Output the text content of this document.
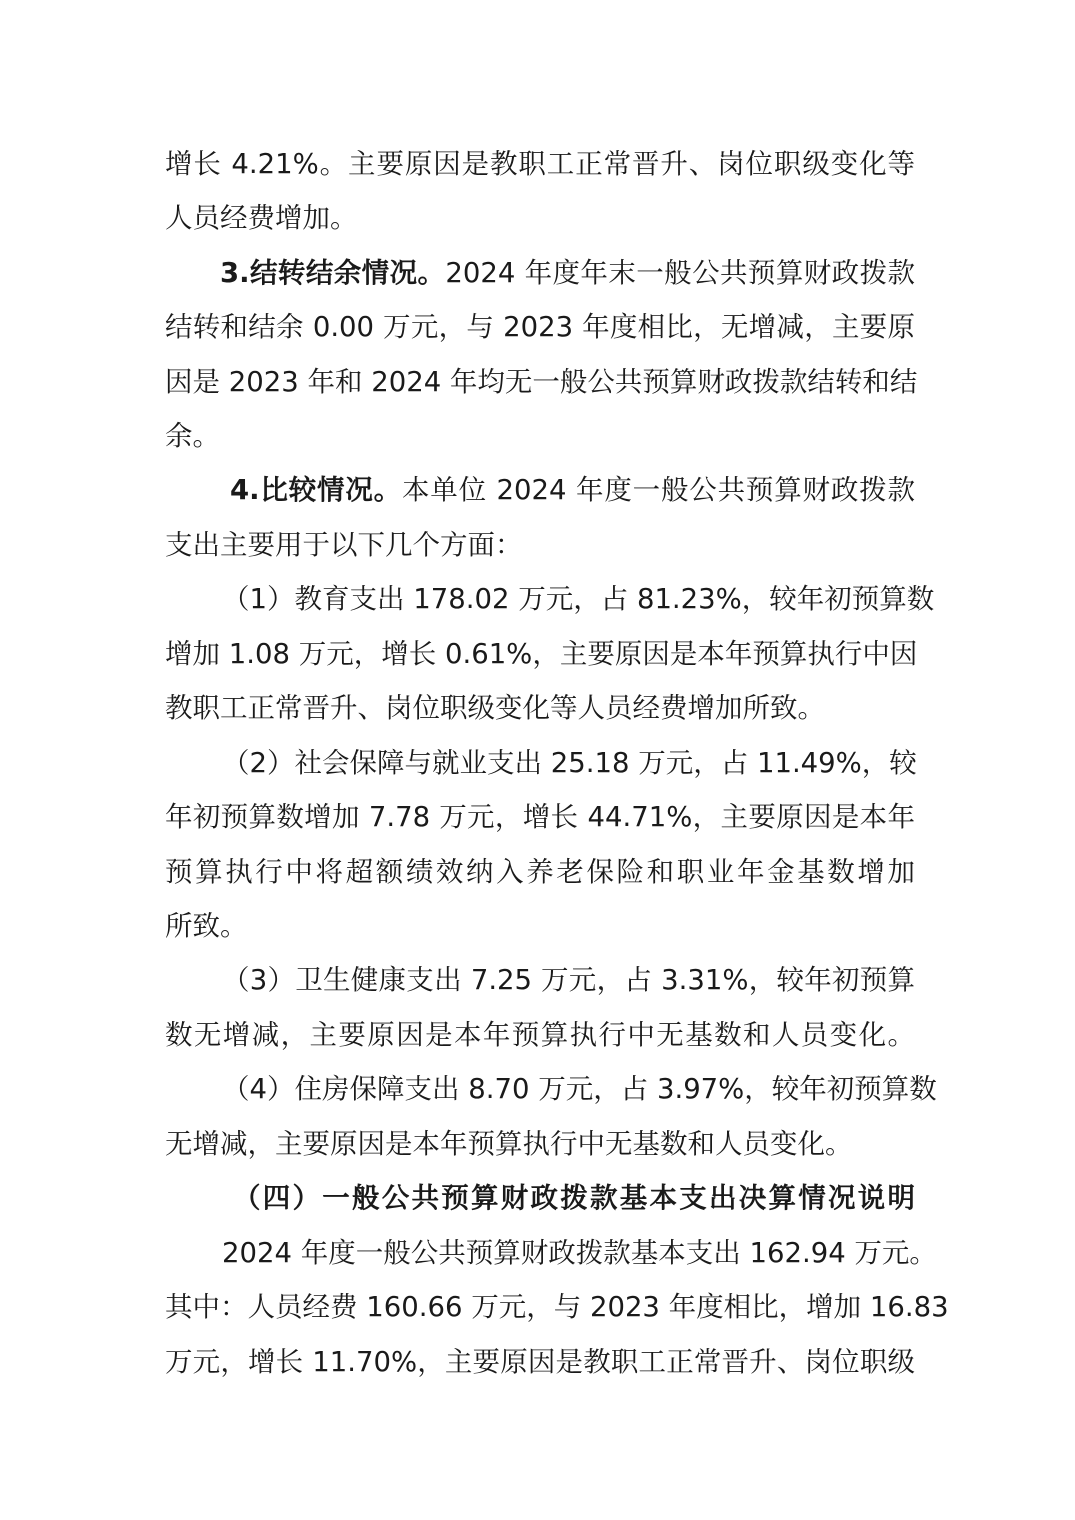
增长 4.21%。主要原因是教职工正常晋升、岗位职级变化等
人员经费增加。
3.结转结余情况。2024 年度年末一般公共预算财政拨款
结转和结余 0.00 万元，与 2023 年度相比，无增减，主要原
因是 2023 年和 2024 年均无一般公共预算财政拨款结转和结
余。
4.比较情况。本单位 2024 年度一般公共预算财政拨款
支出主要用于以下几个方面：
（1）教育支出 178.02 万元，占 81.23%，较年初预算数
增加 1.08 万元，增长 0.61%，主要原因是本年预算执行中因
教职工正常晋升、岗位职级变化等人员经费增加所致。
（2）社会保障与就业支出 25.18 万元，占 11.49%，较
年初预算数增加 7.78 万元，增长 44.71%，主要原因是本年
预算执行中将超额绩效纳入养老保险和职业年金基数增加
所致。
（3）卫生健康支出 7.25 万元，占 3.31%，较年初预算
数无增减，主要原因是本年预算执行中无基数和人员变化。
（4）住房保障支出 8.70 万元，占 3.97%，较年初预算数
无增减，主要原因是本年预算执行中无基数和人员变化。
（四）一般公共预算财政拨款基本支出决算情况说明
2024 年度一般公共预算财政拨款基本支出 162.94 万元。
其中：人员经费 160.66 万元，与 2023 年度相比，增加 16.83
万元，增长 11.70%，主要原因是教职工正常晋升、岗位职级
